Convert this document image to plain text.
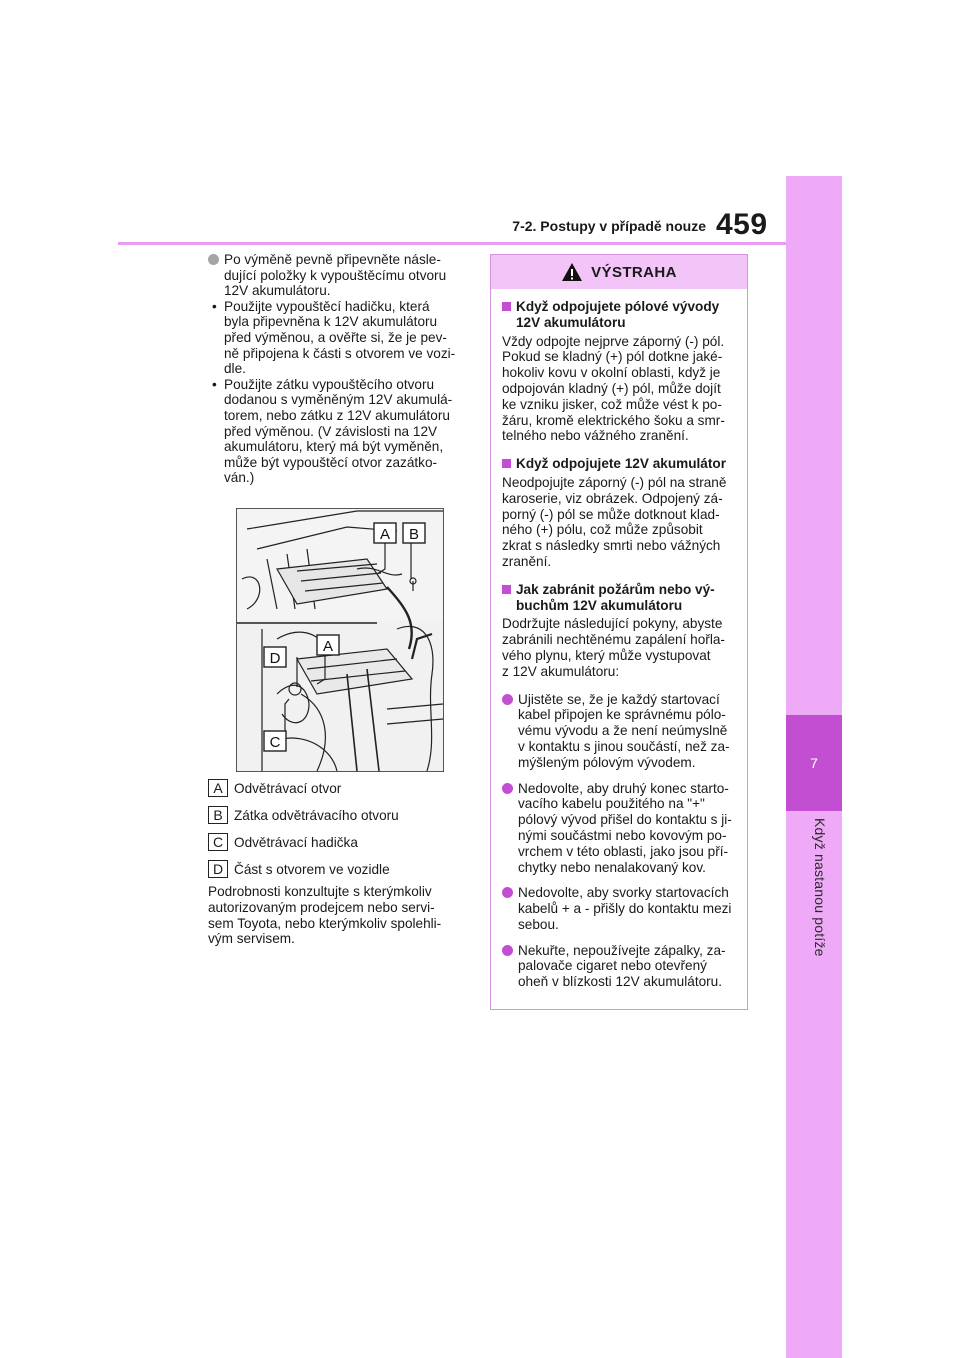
7
Když nastanou potíže
7-2. Postupy v případě nouze 459
Po výměně pevně připevněte násle-
dující položky k vypouštěcímu otvoru
12V akumulátoru.
• Použijte vypouštěcí hadičku, která
byla připevněna k 12V akumulátoru
před výměnou, a ověřte si, že je pev-
ně připojena k části s otvorem ve vozi-
dle.
• Použijte zátku vypouštěcího otvoru
dodanou s vyměněným 12V akumulá-
torem, nebo zátku z 12V akumulátoru
před výměnou. (V závislosti na 12V
akumulátoru, který má být vyměněn,
může být vypouštěcí otvor zazátko-
ván.)
A B
D
A
C
A Odvětrávací otvor
B Zátka odvětrávacího otvoru
C Odvětrávací hadička
D Část s otvorem ve vozidle
Podrobnosti konzultujte s kterýmkoliv
autorizovaným prodejcem nebo servi-
sem Toyota, nebo kterýmkoliv spolehli-
vým servisem.
VÝSTRAHA
Když odpojujete pólové vývody
12V akumulátoru
Vždy odpojte nejprve záporný (-) pól.
Pokud se kladný (+) pól dotkne jaké-
hokoliv kovu v okolní oblasti, když je
odpojován kladný (+) pól, může dojít
ke vzniku jisker, což může vést k po-
žáru, kromě elektrického šoku a smr-
telného nebo vážného zranění.
Když odpojujete 12V akumulátor
Neodpojujte záporný (-) pól na straně
karoserie, viz obrázek. Odpojený zá-
porný (-) pól se může dotknout klad-
ného (+) pólu, což může způsobit
zkrat s následky smrti nebo vážných
zranění.
Jak zabránit požárům nebo vý-
buchům 12V akumulátoru
Dodržujte následující pokyny, abyste
zabránili nechtěnému zapálení hořla-
vého plynu, který může vystupovat
z 12V akumulátoru:
Ujistěte se, že je každý startovací
kabel připojen ke správnému pólo-
vému vývodu a že není neúmyslně
v kontaktu s jinou součástí, než za-
mýšleným pólovým vývodem.
Nedovolte, aby druhý konec starto-
vacího kabelu použitého na "+"
pólový vývod přišel do kontaktu s ji-
nými součástmi nebo kovovým po-
vrchem v této oblasti, jako jsou pří-
chytky nebo nenalakovaný kov.
Nedovolte, aby svorky startovacích
kabelů + a - přišly do kontaktu mezi
sebou.
Nekuřte, nepoužívejte zápalky, za-
palovače cigaret nebo otevřený
oheň v blízkosti 12V akumulátoru.
